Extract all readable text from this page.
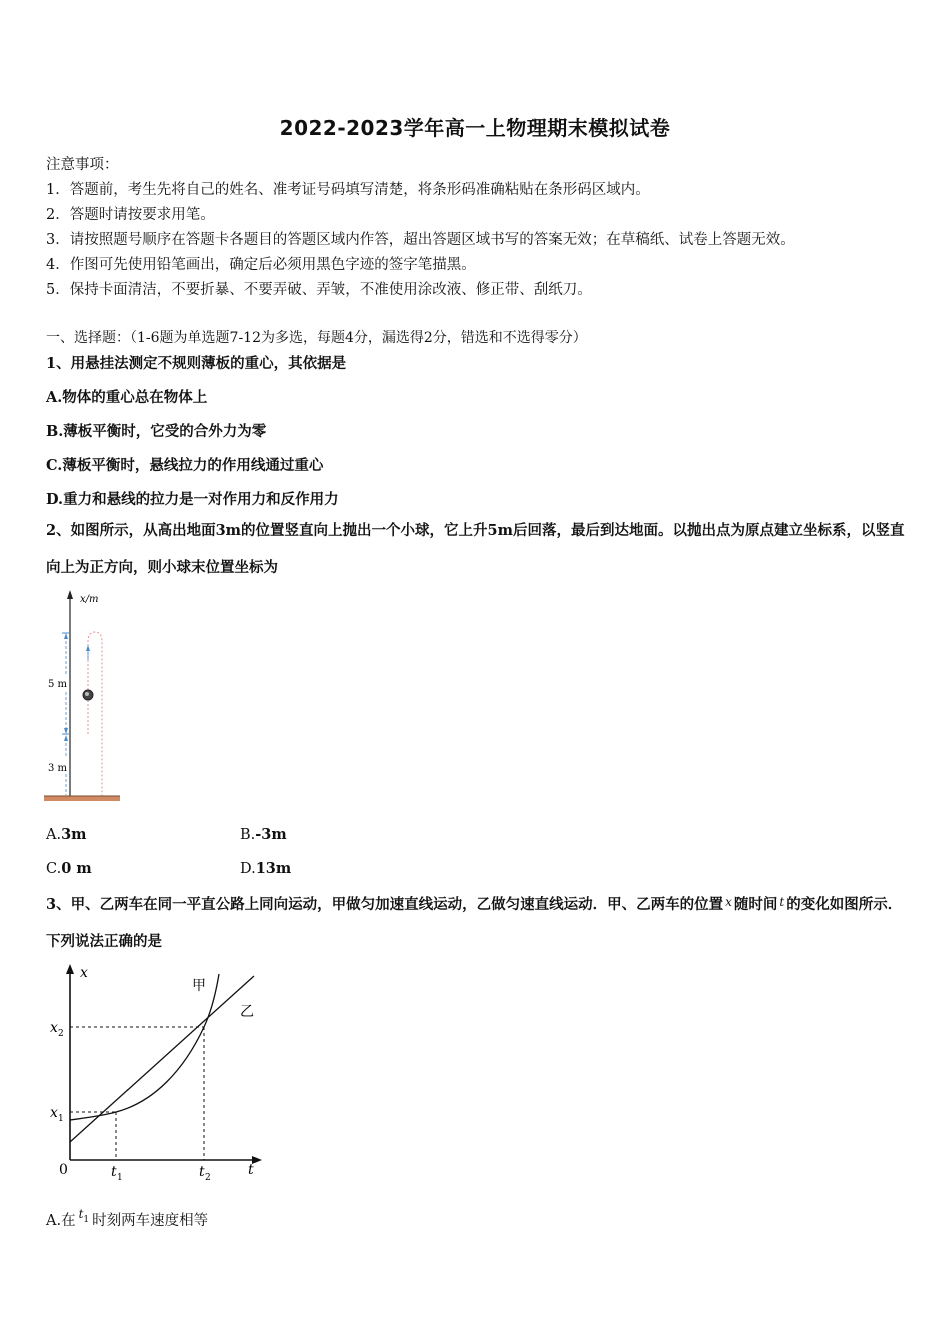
2022-2023学年高一上物理期末模拟试卷
注意事项：
1．答题前，考生先将自己的姓名、准考证号码填写清楚，将条形码准确粘贴在条形码区域内。
2．答题时请按要求用笔。
3．请按照题号顺序在答题卡各题目的答题区域内作答，超出答题区域书写的答案无效；在草稿纸、试卷上答题无效。
4．作图可先使用铅笔画出，确定后必须用黑色字迹的签字笔描黑。
5．保持卡面清洁，不要折暴、不要弄破、弄皱，不准使用涂改液、修正带、刮纸刀。
一、选择题：（1-6题为单选题7-12为多选，每题4分，漏选得2分，错选和不选得零分）
1、用悬挂法测定不规则薄板的重心，其依据是
A.物体的重心总在物体上
B.薄板平衡时，它受的合外力为零
C.薄板平衡时，悬线拉力的作用线通过重心
D.重力和悬线的拉力是一对作用力和反作用力
2、如图所示，从高出地面3m的位置竖直向上抛出一个小球，它上升5m后回落，最后到达地面。以抛出点为原点建立坐标系，以竖直向上为正方向，则小球末位置坐标为
x/m
5 m
3 m
A.3m	B.-3m
C.0 m	D.13m
3、甲、乙两车在同一平直公路上同向运动，甲做匀加速直线运动，乙做匀速直线运动．甲、乙两车的位置 $^x$ 随时间 $^t$ 的变化如图所示．下列说法正确的是
x
t
0
甲
乙
x 2
x 1
t 1	t 2
A.在 $^{t1}$ 时刻两车速度相等
